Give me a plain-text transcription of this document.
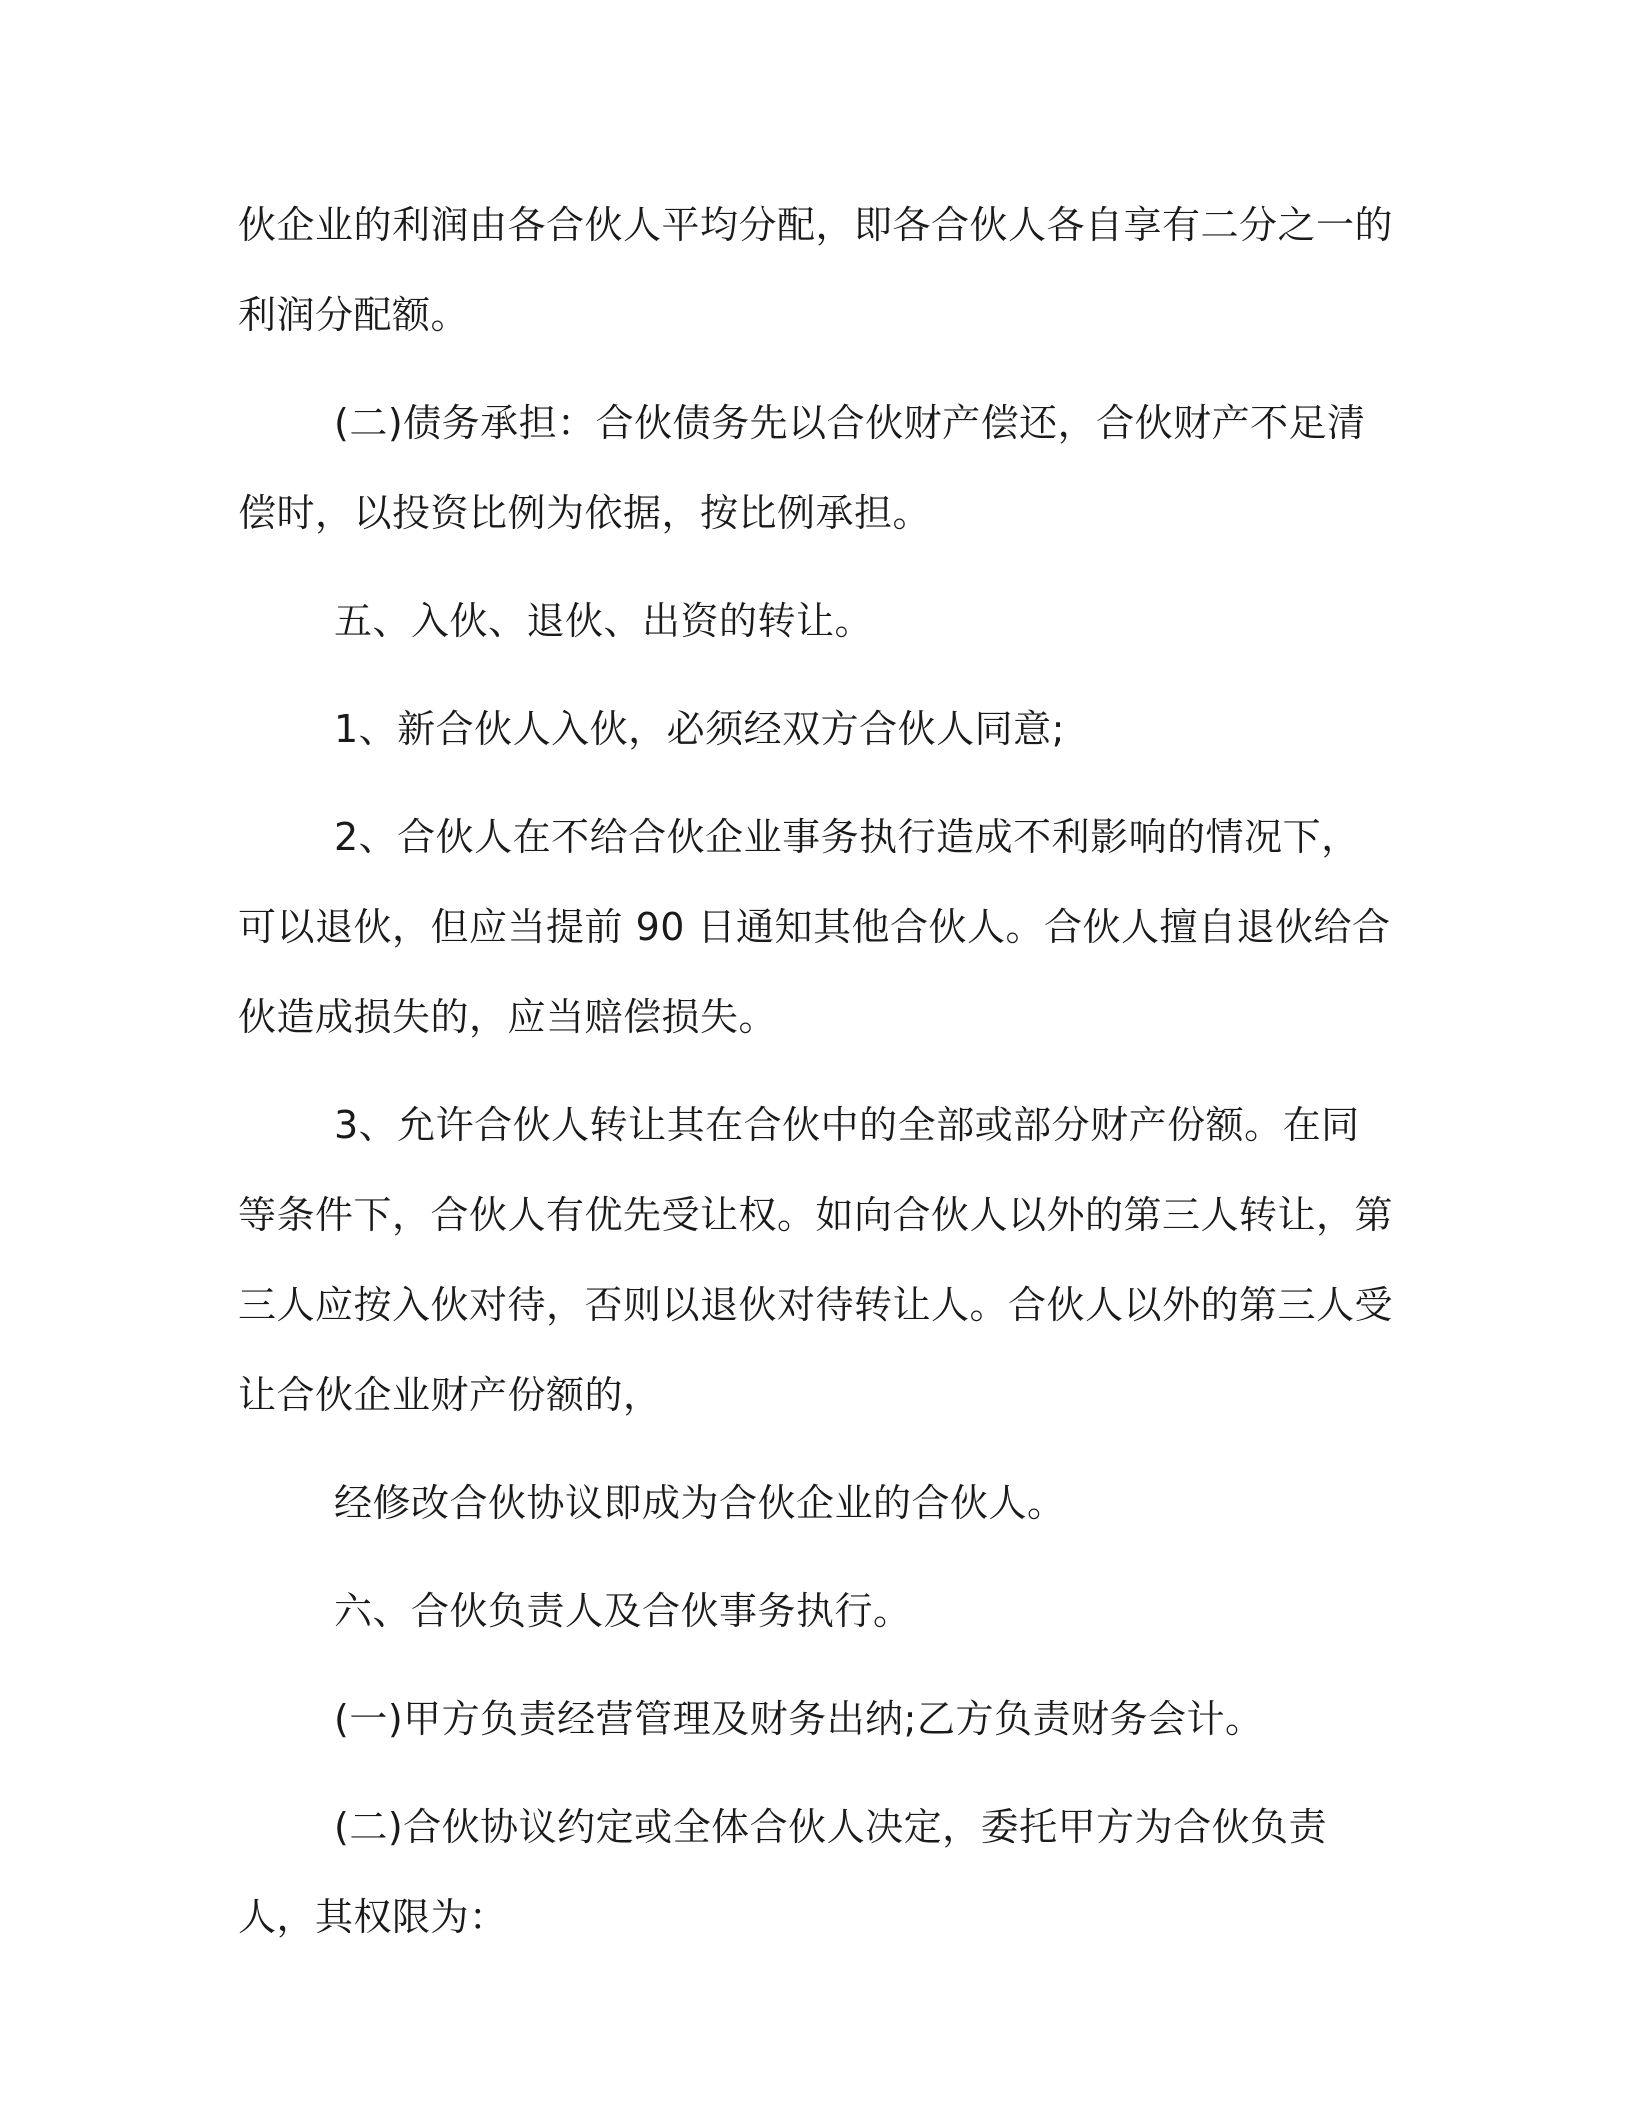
伙企业的利润由各合伙人平均分配，即各合伙人各自享有二分之一的利润分配额。

(二)债务承担：合伙债务先以合伙财产偿还，合伙财产不足清偿时，以投资比例为依据，按比例承担。

五、入伙、退伙、出资的转让。

1、新合伙人入伙，必须经双方合伙人同意;

2、合伙人在不给合伙企业事务执行造成不利影响的情况下，可以退伙，但应当提前 90 日通知其他合伙人。合伙人擅自退伙给合伙造成损失的，应当赔偿损失。

3、允许合伙人转让其在合伙中的全部或部分财产份额。在同等条件下，合伙人有优先受让权。如向合伙人以外的第三人转让，第三人应按入伙对待，否则以退伙对待转让人。合伙人以外的第三人受让合伙企业财产份额的，

经修改合伙协议即成为合伙企业的合伙人。

六、合伙负责人及合伙事务执行。

(一)甲方负责经营管理及财务出纳;乙方负责财务会计。

(二)合伙协议约定或全体合伙人决定，委托甲方为合伙负责人，其权限为：
